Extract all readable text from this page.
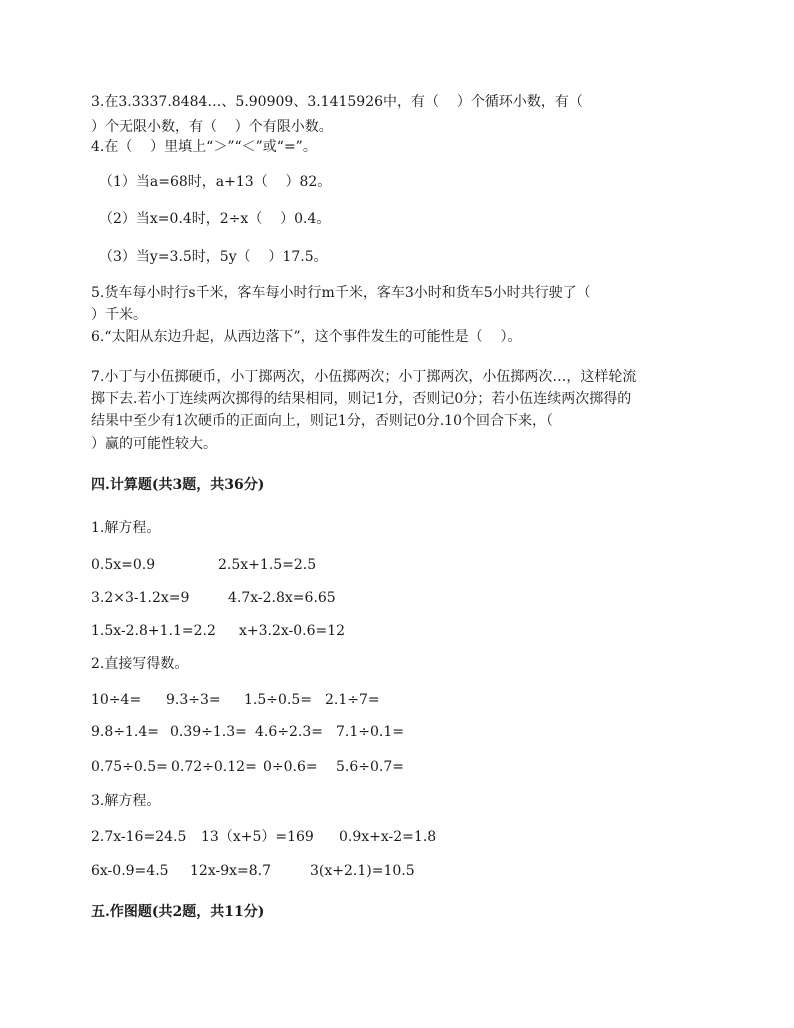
3.在3.3337.8484…、5.90909、3.1415926中，有（    ）个循环小数，有（
）个无限小数，有（    ）个有限小数。
4.在（    ）里填上“＞”“＜”或“=”。
（1）当a=68时，a+13（    ）82。
（2）当x=0.4时，2÷x（    ）0.4。
（3）当y=3.5时，5y（    ）17.5。
5.货车每小时行s千米，客车每小时行m千米，客车3小时和货车5小时共行驶了（
）千米。
6.“太阳从东边升起，从西边落下”，这个事件发生的可能性是（    ）。
7.小丁与小伍掷硬币，小丁掷两次，小伍掷两次；小丁掷两次，小伍掷两次…，这样轮流
掷下去.若小丁连续两次掷得的结果相同，则记1分，否则记0分；若小伍连续两次掷得的
结果中至少有1次硬币的正面向上，则记1分，否则记0分.10个回合下来，（
）赢的可能性较大。
四.计算题(共3题，共36分)
1.解方程。
0.5x=0.9	2.5x+1.5=2.5
3.2×3-1.2x=9	4.7x-2.8x=6.65
1.5x-2.8+1.1=2.2 x+3.2x-0.6=12
2.直接写得数。
10÷4= 9.3÷3= 1.5÷0.5= 2.1÷7=
9.8÷1.4= 0.39÷1.3= 4.6÷2.3= 7.1÷0.1=
0.75÷0.5= 0.72÷0.12= 0÷0.6= 5.6÷0.7=
3.解方程。
2.7x-16=24.5 13（x+5）=169 0.9x+x-2=1.8
6x-0.9=4.5 12x-9x=8.7	3(x+2.1)=10.5
五.作图题(共2题，共11分)
